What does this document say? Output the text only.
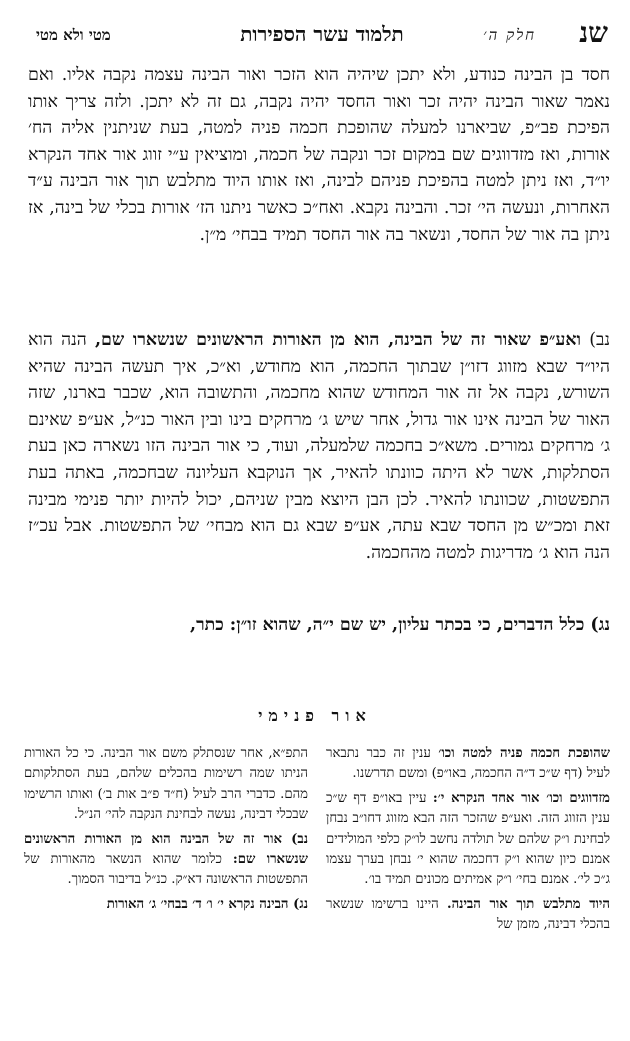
שנ
חלק ה׳
תלמוד עשר הספירות
מטי ולא מטי

חסד בן הבינה כנודע, ולא יתכן שיהיה הוא הזכר ואור הבינה עצמה נקבה אליו. ואם נאמר שאור הבינה יהיה זכר ואור החסד יהיה נקבה, גם זה לא יתכן. ולזה צריך אותו הפיכת פב״פ, שביארנו למעלה שהופכת חכמה פניה למטה, בעת שניתנין אליה הח׳ אורות, ואז מזדווגים שם במקום זכר ונקבה של חכמה, ומוציאין ע״י זווג אור אחד הנקרא יו״ד, ואז ניתן למטה בהפיכת פניהם לבינה, ואז אותו היוד מתלבש תוך אור הבינה ע״ד האחרות, ונעשה הי׳ זכר. והבינה נקבא. ואח״כ כאשר ניתנו הז׳ אורות בכלי של בינה, אז ניתן בה אור של החסד, ונשאר בה אור החסד תמיד בבחי׳ מ״ן.

נב) ואע״פ שאור זה של הבינה, הוא מן האורות הראשונים שנשארו שם, הנה הוא היו״ד שבא מזווג דזו״ן שבתוך החכמה, הוא מחודש, וא״כ, איך תעשה הבינה שהיא השורש, נקבה אל זה אור המחודש שהוא מחכמה, והתשובה הוא, שכבר בארנו, שזה האור של הבינה אינו אור גדול, אחר שיש ג׳ מרחקים בינו ובין האור כנ״ל, אע״פ שאינם ג׳ מרחקים גמורים. משא״כ בחכמה שלמעלה, ועוד, כי אור הבינה הזו נשארה כאן בעת הסתלקות, אשר לא היתה כוונתו להאיר, אך הנוקבא העליונה שבחכמה, באתה בעת התפשטות, שכוונתו להאיר. לכן הבן היוצא מבין שניהם, יכול להיות יותר פנימי מבינה זאת ומכ״ש מן החסד שבא עתה, אע״פ שבא גם הוא מבחי׳ של התפשטות. אבל עכ״ז הנה הוא ג׳ מדריגות למטה מהחכמה.

נג) כלל הדברים, כי בכתר עליון, יש שם י״ה, שהוא זו״ן: כתר,

אור פנימי

שהופכת חכמה פניה למטה וכו׳ ענין זה כבר נתבאר לעיל (דף ש״כ ד״ה החכמה, באו״פ) ומשם תדרשנו.

מזדווגים וכו׳ אור אחד הנקרא י׳: עיין באו״פ דף ש״כ ענין הזווג הזה. ואע״פ שהזכר הזה הבא מזווג דחו״ב נבחן לבחינת ו״ק שלהם של תולדה נחשב לו״ק כלפי המולידים אמנם כיון שהוא ו״ק דחכמה שהוא י׳ נבחן בערך עצמו ג״כ לי׳. אמנם בחי׳ ו״ק אמיתים מכונים תמיד בו׳.

היוד מתלבש תוך אור הבינה. היינו ברשימו שנשאר בהכלי דבינה, מזמן של

התפ״א, אחר שנסתלק משם אור הבינה. כי כל האורות הניתו שמה רשימות בהכלים שלהם, בעת הסתלקותם מהם. כדברי הרב לעיל (ח״ד פ״ב אות ב׳) ואותו הרשימו שבכלי דבינה, נעשה לבחינת הנקבה להי׳ הנ״ל.

נב) אור זה של הבינה הוא מן האורות הראשונים שנשארו שם: כלומר שהוא הנשאר מהאורות של התפשטות הראשונה דא״ק. כנ״ל בדיבור הסמוך.

נג) הבינה נקרא י׳ ו׳ ד׳ בבחי׳ ג׳ האורות
